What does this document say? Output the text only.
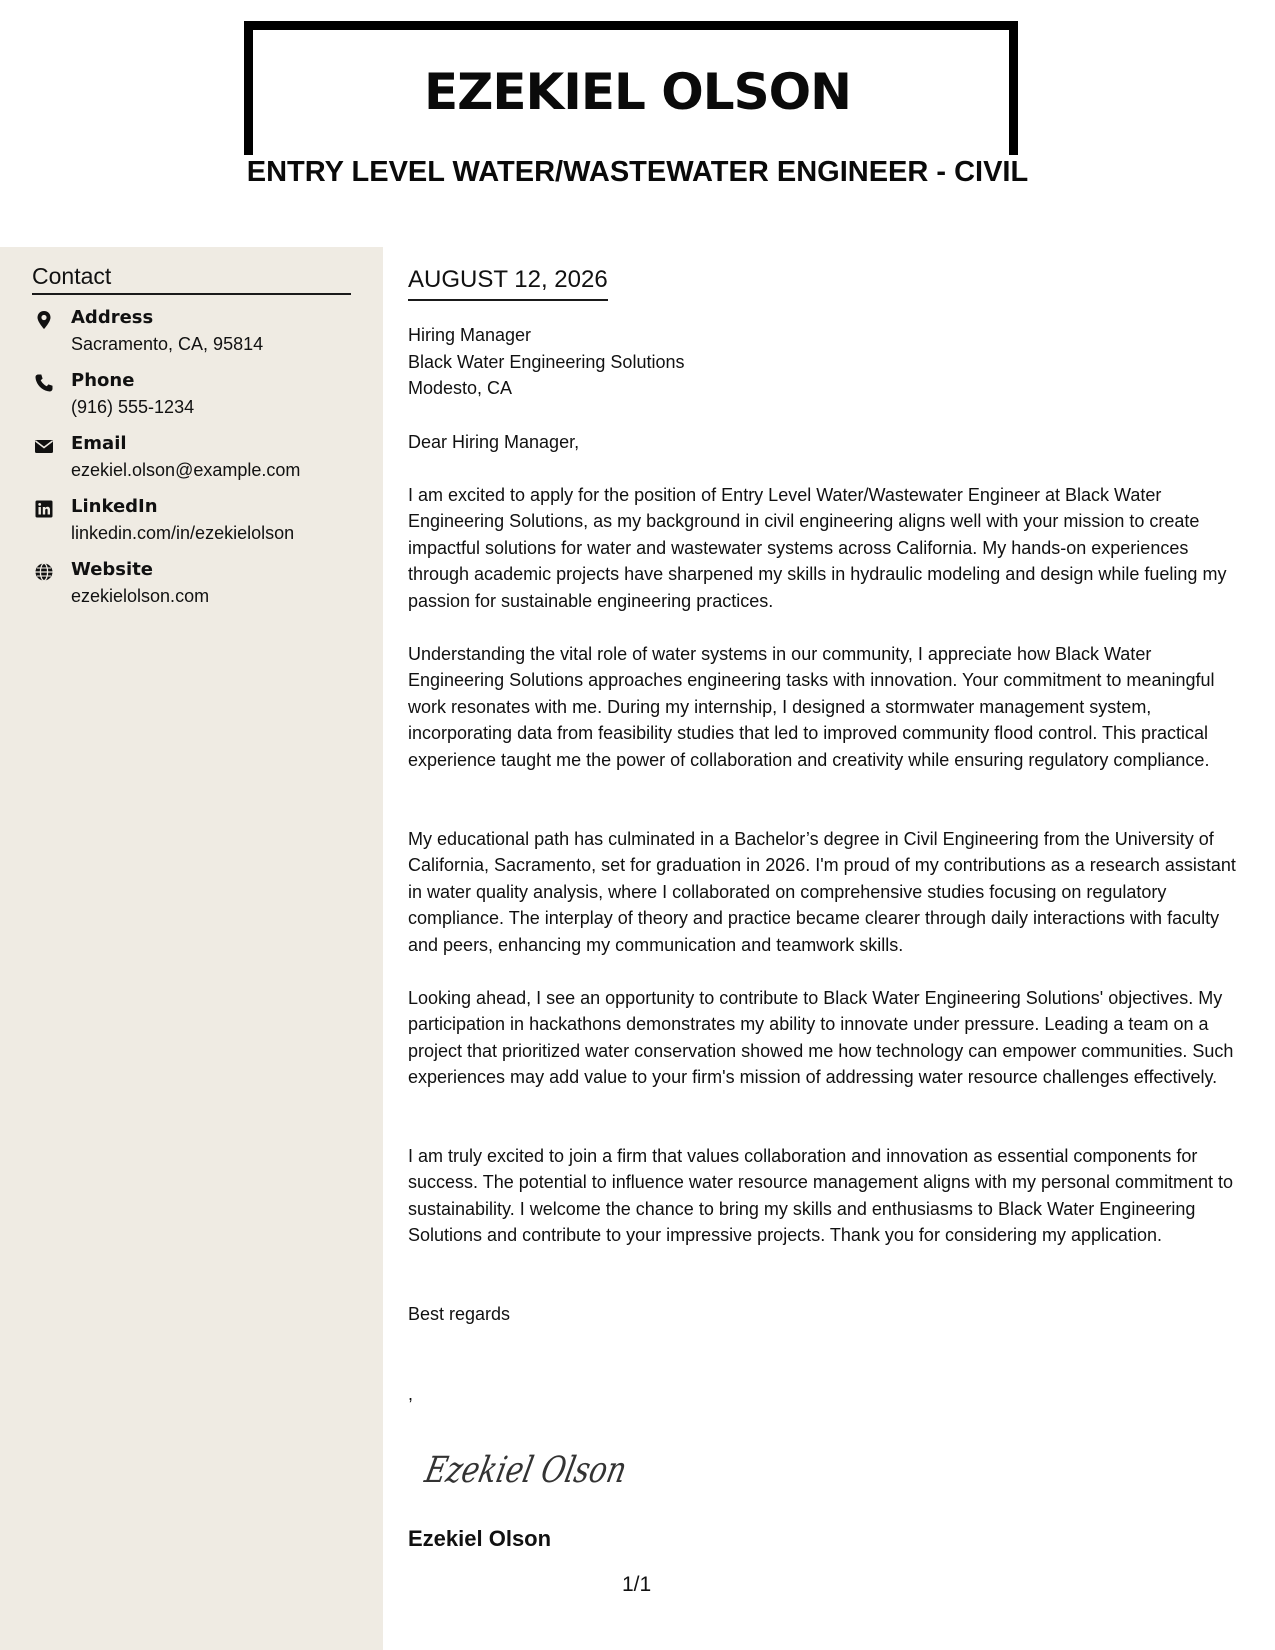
EZEKIEL OLSON
ENTRY LEVEL WATER/WASTEWATER ENGINEER - CIVIL
Contact
Address
Sacramento, CA, 95814
Phone
(916) 555-1234
Email
ezekiel.olson@example.com
LinkedIn
linkedin.com/in/ezekielolson
Website
ezekielolson.com
AUGUST 12, 2026
Hiring Manager
Black Water Engineering Solutions
Modesto, CA

Dear Hiring Manager,

I am excited to apply for the position of Entry Level Water/Wastewater Engineer at Black Water Engineering Solutions, as my background in civil engineering aligns well with your mission to create impactful solutions for water and wastewater systems across California. My hands-on experiences through academic projects have sharpened my skills in hydraulic modeling and design while fueling my passion for sustainable engineering practices.

Understanding the vital role of water systems in our community, I appreciate how Black Water Engineering Solutions approaches engineering tasks with innovation. Your commitment to meaningful work resonates with me. During my internship, I designed a stormwater management system, incorporating data from feasibility studies that led to improved community flood control. This practical experience taught me the power of collaboration and creativity while ensuring regulatory compliance.

My educational path has culminated in a Bachelor’s degree in Civil Engineering from the University of California, Sacramento, set for graduation in 2026. I'm proud of my contributions as a research assistant in water quality analysis, where I collaborated on comprehensive studies focusing on regulatory compliance. The interplay of theory and practice became clearer through daily interactions with faculty and peers, enhancing my communication and teamwork skills.

Looking ahead, I see an opportunity to contribute to Black Water Engineering Solutions' objectives. My participation in hackathons demonstrates my ability to innovate under pressure. Leading a team on a project that prioritized water conservation showed me how technology can empower communities. Such experiences may add value to your firm's mission of addressing water resource challenges effectively.

I am truly excited to join a firm that values collaboration and innovation as essential components for success. The potential to influence water resource management aligns with my personal commitment to sustainability. I welcome the chance to bring my skills and enthusiasms to Black Water Engineering Solutions and contribute to your impressive projects. Thank you for considering my application.

Best regards

,
Ezekiel Olson

Ezekiel Olson

1/1
